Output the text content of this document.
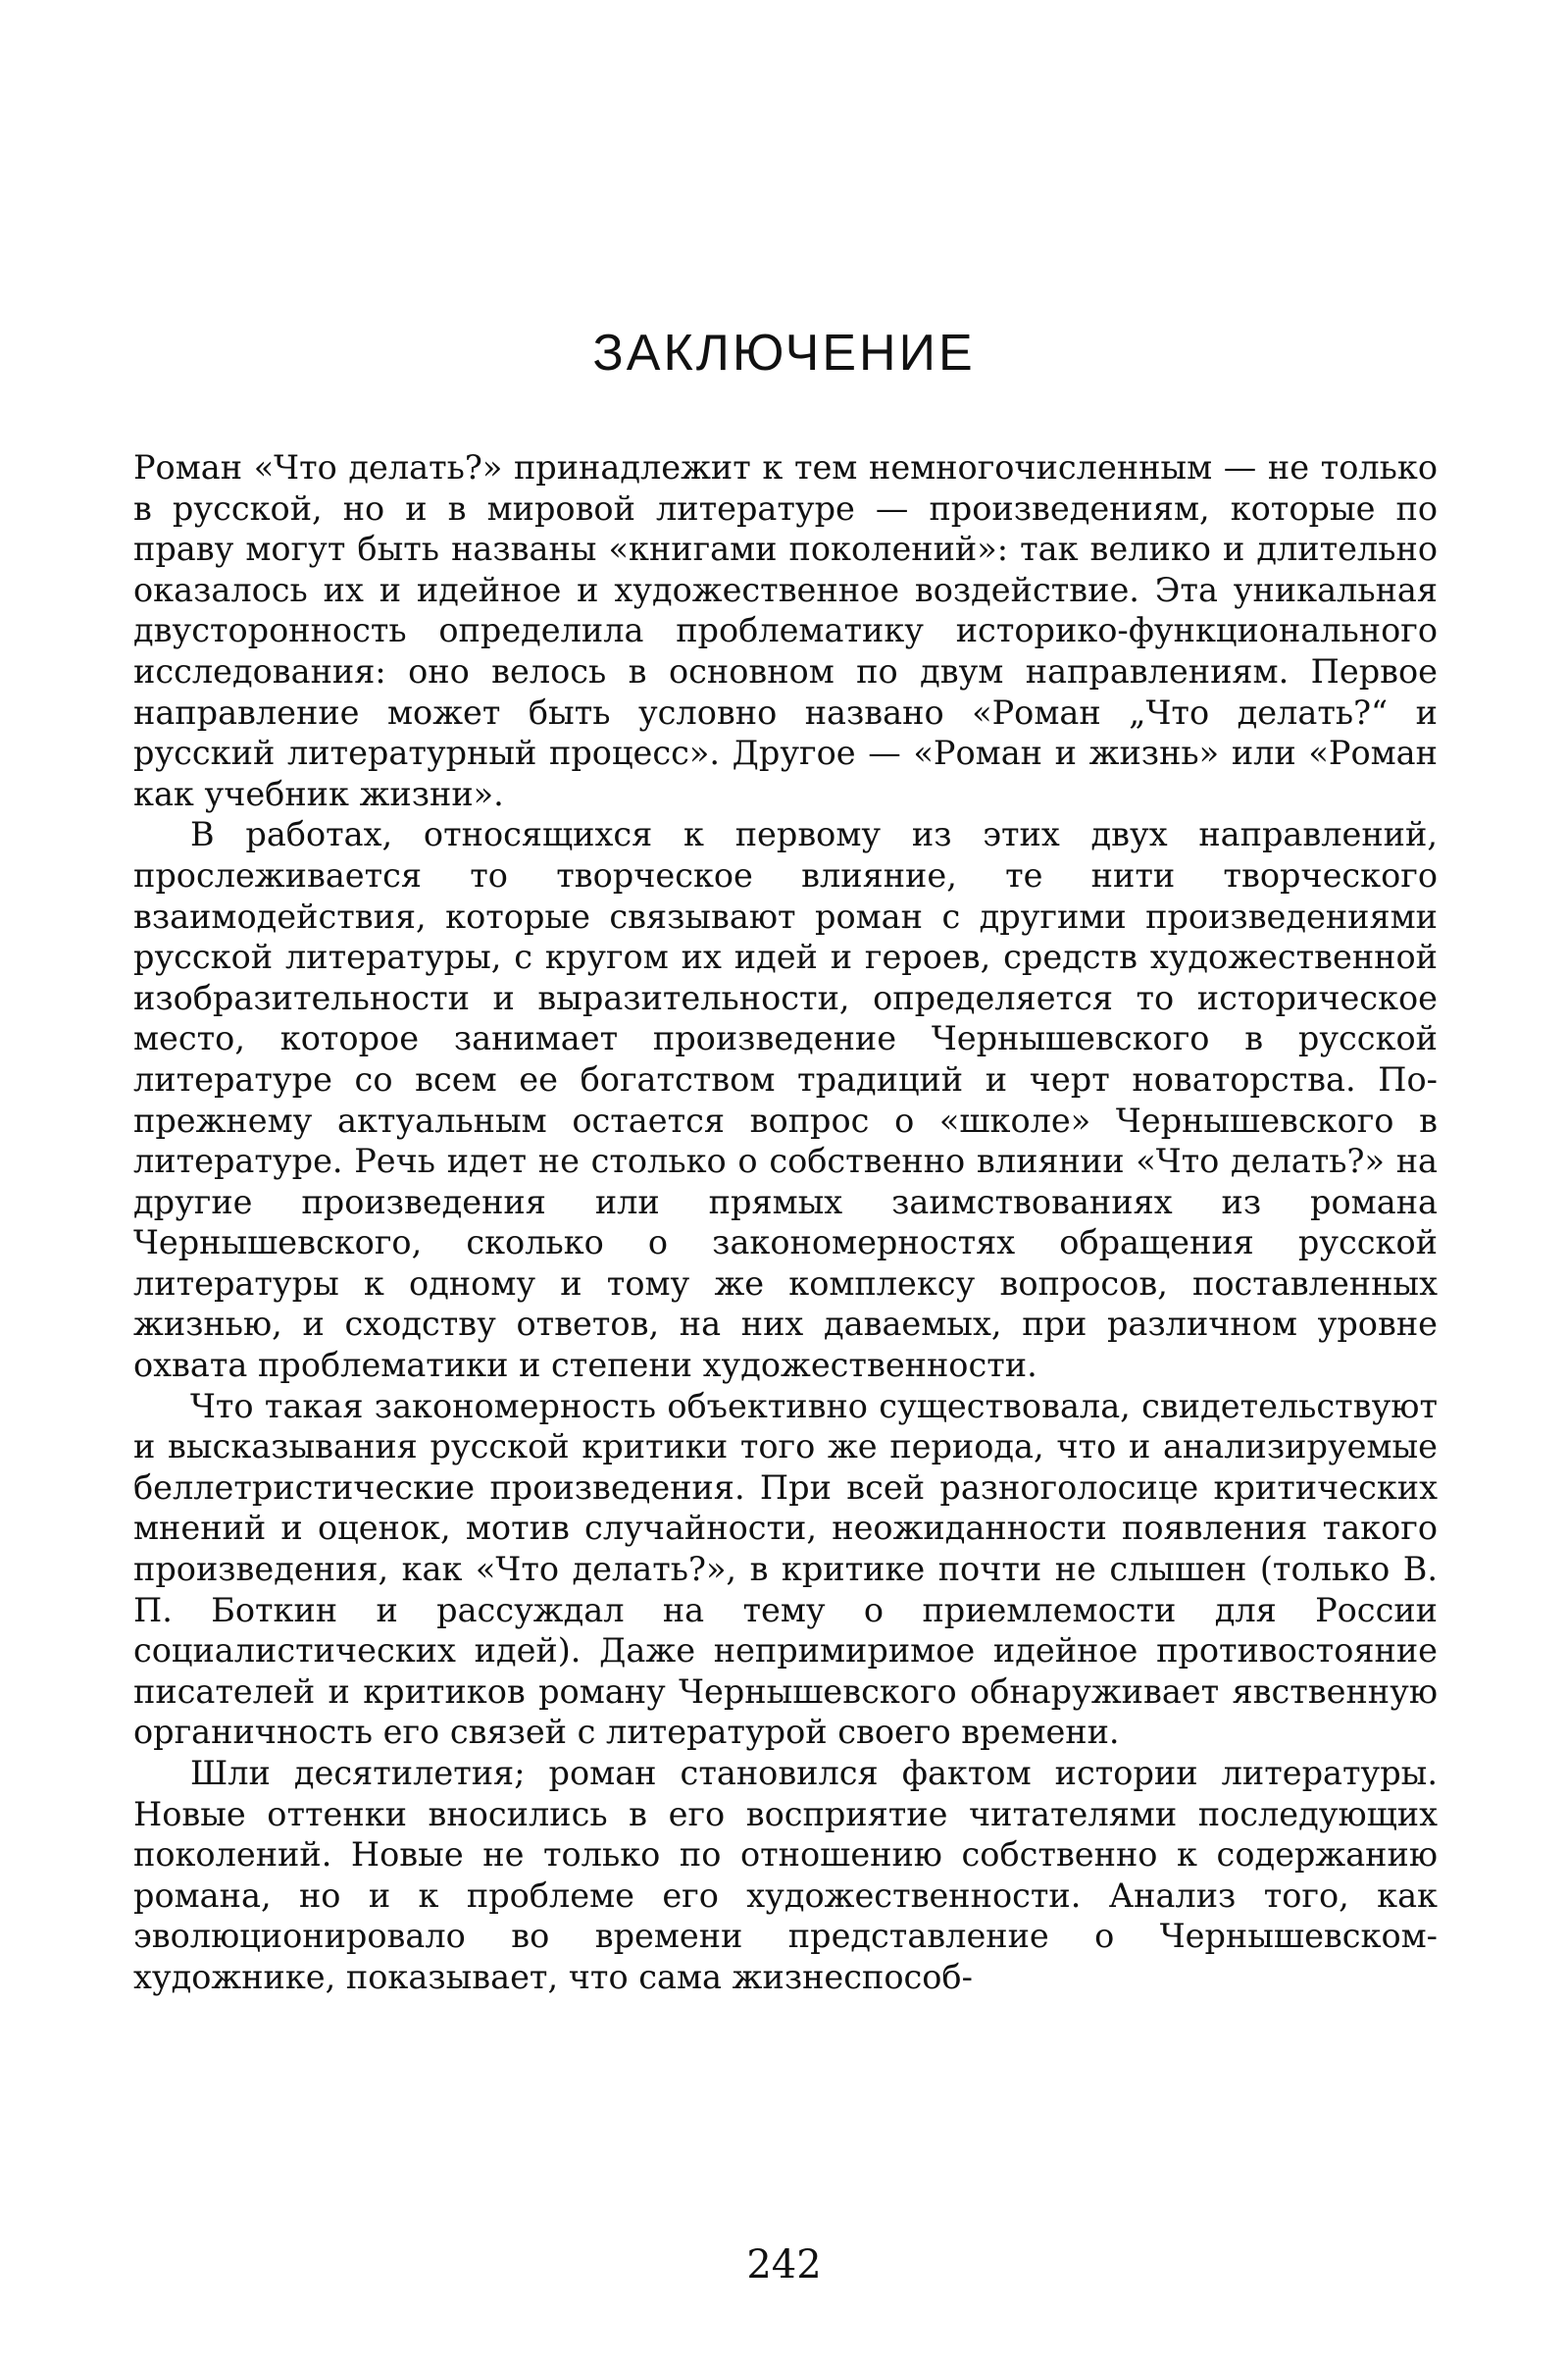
ЗАКЛЮЧЕНИЕ

Роман «Что делать?» принадлежит к тем немногочисленным — не только в русской, но и в мировой литературе — произведениям, которые по праву могут быть названы «книгами поколений»: так велико и длительно оказалось их и идейное и художественное воздействие. Эта уникальная двусторонность определила проблематику историко-функционального исследования: оно велось в основном по двум направлениям. Первое направление может быть условно названо «Роман „Что делать?“ и русский литературный процесс». Другое — «Роман и жизнь» или «Роман как учебник жизни».

В работах, относящихся к первому из этих двух направлений, прослеживается то творческое влияние, те нити творческого взаимодействия, которые связывают роман с другими произведениями русской литературы, с кругом их идей и героев, средств художественной изобразительности и выразительности, определяется то историческое место, которое занимает произведение Чернышевского в русской литературе со всем ее богатством традиций и черт новаторства. По-прежнему актуальным остается вопрос о «школе» Чернышевского в литературе. Речь идет не столько о собственно влиянии «Что делать?» на другие произведения или прямых заимствованиях из романа Чернышевского, сколько о закономерностях обращения русской литературы к одному и тому же комплексу вопросов, поставленных жизнью, и сходству ответов, на них даваемых, при различном уровне охвата проблематики и степени художественности.

Что такая закономерность объективно существовала, свидетельствуют и высказывания русской критики того же периода, что и анализируемые беллетристические произведения. При всей разноголосице критических мнений и оценок, мотив случайности, неожиданности появления такого произведения, как «Что делать?», в критике почти не слышен (только В. П. Боткин и рассуждал на тему о приемлемости для России социалистических идей). Даже непримиримое идейное противостояние писателей и критиков роману Чернышевского обнаруживает явственную органичность его связей с литературой своего времени.

Шли десятилетия; роман становился фактом истории литературы. Новые оттенки вносились в его восприятие читателями последующих поколений. Новые не только по отношению собственно к содержанию романа, но и к проблеме его художественности. Анализ того, как эволюционировало во времени представление о Чернышевском-художнике, показывает, что сама жизнеспособ-

242
